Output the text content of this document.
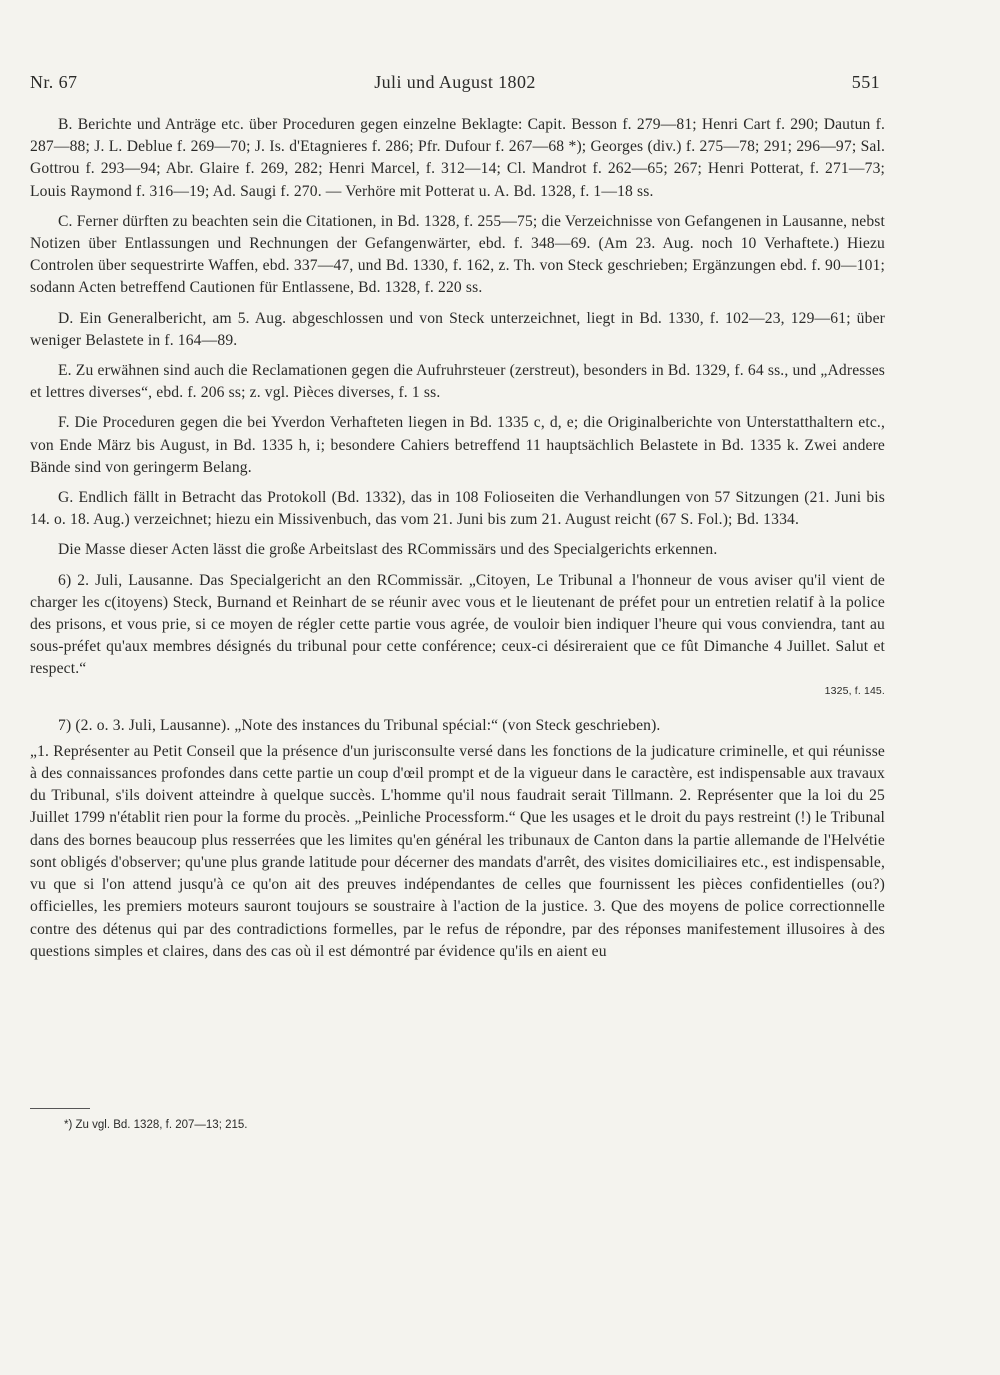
Nr. 67	Juli und August 1802	551

B. Berichte und Anträge etc. über Proceduren gegen einzelne Beklagte: Capit. Besson f. 279—81; Henri Cart f. 290; Dautun f. 287—88; J. L. Deblue f. 269—70; J. Is. d'Etagnieres f. 286; Pfr. Dufour f. 267—68 *); Georges (div.) f. 275—78; 291; 296—97; Sal. Gottrou f. 293—94; Abr. Glaire f. 269, 282; Henri Marcel, f. 312—14; Cl. Mandrot f. 262—65; 267; Henri Potterat, f. 271—73; Louis Raymond f. 316—19; Ad. Saugi f. 270. — Verhöre mit Potterat u. A. Bd. 1328, f. 1—18 ss.

C. Ferner dürften zu beachten sein die Citationen, in Bd. 1328, f. 255—75; die Verzeichnisse von Gefangenen in Lausanne, nebst Notizen über Entlassungen und Rechnungen der Gefangenwärter, ebd. f. 348—69. (Am 23. Aug. noch 10 Verhaftete.) Hiezu Controlen über sequestrirte Waffen, ebd. 337—47, und Bd. 1330, f. 162, z. Th. von Steck geschrieben; Ergänzungen ebd. f. 90—101; sodann Acten betreffend Cautionen für Entlassene, Bd. 1328, f. 220 ss.

D. Ein Generalbericht, am 5. Aug. abgeschlossen und von Steck unterzeichnet, liegt in Bd. 1330, f. 102—23, 129—61; über weniger Belastete in f. 164—89.

E. Zu erwähnen sind auch die Reclamationen gegen die Aufruhrsteuer (zerstreut), besonders in Bd. 1329, f. 64 ss., und „Adresses et lettres diverses“, ebd. f. 206 ss; z. vgl. Pièces diverses, f. 1 ss.

F. Die Proceduren gegen die bei Yverdon Verhafteten liegen in Bd. 1335 c, d, e; die Originalberichte von Unterstatthaltern etc., von Ende März bis August, in Bd. 1335 h, i; besondere Cahiers betreffend 11 hauptsächlich Belastete in Bd. 1335 k. Zwei andere Bände sind von geringerm Belang.

G. Endlich fällt in Betracht das Protokoll (Bd. 1332), das in 108 Folioseiten die Verhandlungen von 57 Sitzungen (21. Juni bis 14. o. 18. Aug.) verzeichnet; hiezu ein Missivenbuch, das vom 21. Juni bis zum 21. August reicht (67 S. Fol.); Bd. 1334.

Die Masse dieser Acten lässt die große Arbeitslast des RCommissärs und des Specialgerichts erkennen.

6) 2. Juli, Lausanne. Das Specialgericht an den RCommissär. „Citoyen, Le Tribunal a l'honneur de vous aviser qu'il vient de charger les c(itoyens) Steck, Burnand et Reinhart de se réunir avec vous et le lieutenant de préfet pour un entretien relatif à la police des prisons, et vous prie, si ce moyen de régler cette partie vous agrée, de vouloir bien indiquer l'heure qui vous conviendra, tant au sous-préfet qu'aux membres désignés du tribunal pour cette conférence; ceux-ci désireraient que ce fût Dimanche 4 Juillet. Salut et respect.“

1325, f. 145.

7) (2. o. 3. Juli, Lausanne). „Note des instances du Tribunal spécial:“ (von Steck geschrieben).

„1. Représenter au Petit Conseil que la présence d'un jurisconsulte versé dans les fonctions de la judicature criminelle, et qui réunisse à des connaissances profondes dans cette partie un coup d'œil prompt et de la vigueur dans le caractère, est indispensable aux travaux du Tribunal, s'ils doivent atteindre à quelque succès. L'homme qu'il nous faudrait serait Tillmann. 2. Représenter que la loi du 25 Juillet 1799 n'établit rien pour la forme du procès. „Peinliche Processform.“ Que les usages et le droit du pays restreint (!) le Tribunal dans des bornes beaucoup plus resserrées que les limites qu'en général les tribunaux de Canton dans la partie allemande de l'Helvétie sont obligés d'observer; qu'une plus grande latitude pour décerner des mandats d'arrêt, des visites domiciliaires etc., est indispensable, vu que si l'on attend jusqu'à ce qu'on ait des preuves indépendantes de celles que fournissent les pièces confidentielles (ou?) officielles, les premiers moteurs sauront toujours se soustraire à l'action de la justice. 3. Que des moyens de police correctionnelle contre des détenus qui par des contradictions formelles, par le refus de répondre, par des réponses manifestement illusoires à des questions simples et claires, dans des cas où il est démontré par évidence qu'ils en aient eu

*) Zu vgl. Bd. 1328, f. 207—13; 215.
